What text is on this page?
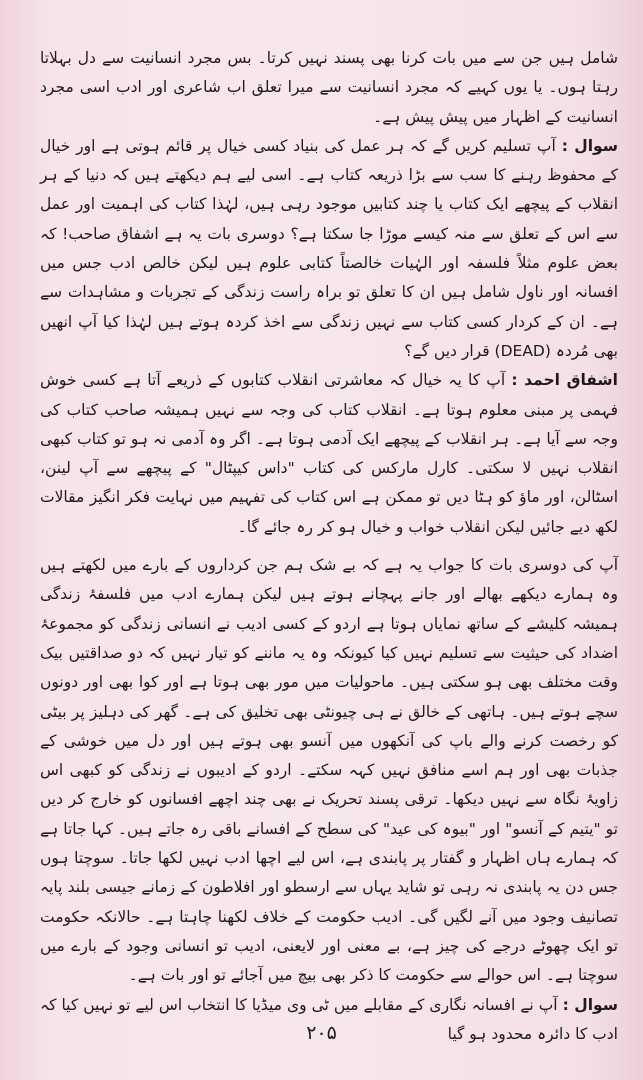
شامل ہیں جن سے میں بات کرنا بھی پسند نہیں کرتا۔ بس مجرد انسانیت سے دل بہلاتا رہتا ہوں۔ یا یوں کہیے کہ مجرد انسانیت سے میرا تعلق اب شاعری اور ادب اسی مجرد انسانیت کے اظہار میں پیش پیش ہے۔

سوال : آپ تسلیم کریں گے کہ ہر عمل کی بنیاد کسی خیال پر قائم ہوتی ہے اور خیال کے محفوظ رہنے کا سب سے بڑا ذریعہ کتاب ہے۔ اسی لیے ہم دیکھتے ہیں کہ دنیا کے ہر انقلاب کے پیچھے ایک کتاب یا چند کتابیں موجود رہی ہیں، لہٰذا کتاب کی اہمیت اور عمل سے اس کے تعلق سے منہ کیسے موڑا جا سکتا ہے؟ دوسری بات یہ ہے اشفاق صاحب! کہ بعض علوم مثلاً فلسفہ اور الہٰیات خالصتاً کتابی علوم ہیں لیکن خالص ادب جس میں افسانہ اور ناول شامل ہیں ان کا تعلق تو براہ راست زندگی کے تجربات و مشاہدات سے ہے۔ ان کے کردار کسی کتاب سے نہیں زندگی سے اخذ کردہ ہوتے ہیں لہٰذا کیا آپ انھیں بھی مُردہ (DEAD) قرار دیں گے؟

اشفاق احمد : آپ کا یہ خیال کہ معاشرتی انقلاب کتابوں کے ذریعے آتا ہے کسی خوش فہمی پر مبنی معلوم ہوتا ہے۔ انقلاب کتاب کی وجہ سے نہیں ہمیشہ صاحب کتاب کی وجہ سے آیا ہے۔ ہر انقلاب کے پیچھے ایک آدمی ہوتا ہے۔ اگر وہ آدمی نہ ہو تو کتاب کبھی انقلاب نہیں لا سکتی۔ کارل مارکس کی کتاب "داس کیپٹال" کے پیچھے سے آپ لینن، اسٹالن، اور ماؤ کو ہٹا دیں تو ممکن ہے اس کتاب کی تفہیم میں نہایت فکر انگیز مقالات لکھ دیے جائیں لیکن انقلاب خواب و خیال ہو کر رہ جائے گا۔

آپ کی دوسری بات کا جواب یہ ہے کہ بے شک ہم جن کرداروں کے بارے میں لکھتے ہیں وہ ہمارے دیکھے بھالے اور جانے پہچانے ہوتے ہیں لیکن ہمارے ادب میں فلسفۂ زندگی ہمیشہ کلیشے کے ساتھ نمایاں ہوتا ہے اردو کے کسی ادیب نے انسانی زندگی کو مجموعۂ اضداد کی حیثیت سے تسلیم نہیں کیا کیونکہ وہ یہ ماننے کو تیار نہیں کہ دو صداقتیں بیک وقت مختلف بھی ہو سکتی ہیں۔ ماحولیات میں مور بھی ہوتا ہے اور کوا بھی اور دونوں سچے ہوتے ہیں۔ ہاتھی کے خالق نے ہی چیونٹی بھی تخلیق کی ہے۔ گھر کی دہلیز پر بیٹی کو رخصت کرنے والے باپ کی آنکھوں میں آنسو بھی ہوتے ہیں اور دل میں خوشی کے جذبات بھی اور ہم اسے منافق نہیں کہہ سکتے۔ اردو کے ادیبوں نے زندگی کو کبھی اس زاویۂ نگاہ سے نہیں دیکھا۔ ترقی پسند تحریک نے بھی چند اچھے افسانوں کو خارج کر دیں تو "یتیم کے آنسو" اور "بیوہ کی عید" کی سطح کے افسانے باقی رہ جاتے ہیں۔ کہا جاتا ہے کہ ہمارے ہاں اظہار و گفتار پر پابندی ہے، اس لیے اچھا ادب نہیں لکھا جاتا۔ سوچتا ہوں جس دن یہ پابندی نہ رہی تو شاید یہاں سے ارسطو اور افلاطون کے زمانے جیسی بلند پایہ تصانیف وجود میں آنے لگیں گی۔ ادیب حکومت کے خلاف لکھنا چاہتا ہے۔ حالانکہ حکومت تو ایک چھوٹے درجے کی چیز ہے، بے معنی اور لایعنی، ادیب تو انسانی وجود کے بارے میں سوچتا ہے۔ اس حوالے سے حکومت کا ذکر بھی بیچ میں آجائے تو اور بات ہے۔

سوال : آپ نے افسانہ نگاری کے مقابلے میں ٹی وی میڈیا کا انتخاب اس لیے تو نہیں کیا کہ ادب کا دائرہ محدود ہو گیا

۲۰۵
